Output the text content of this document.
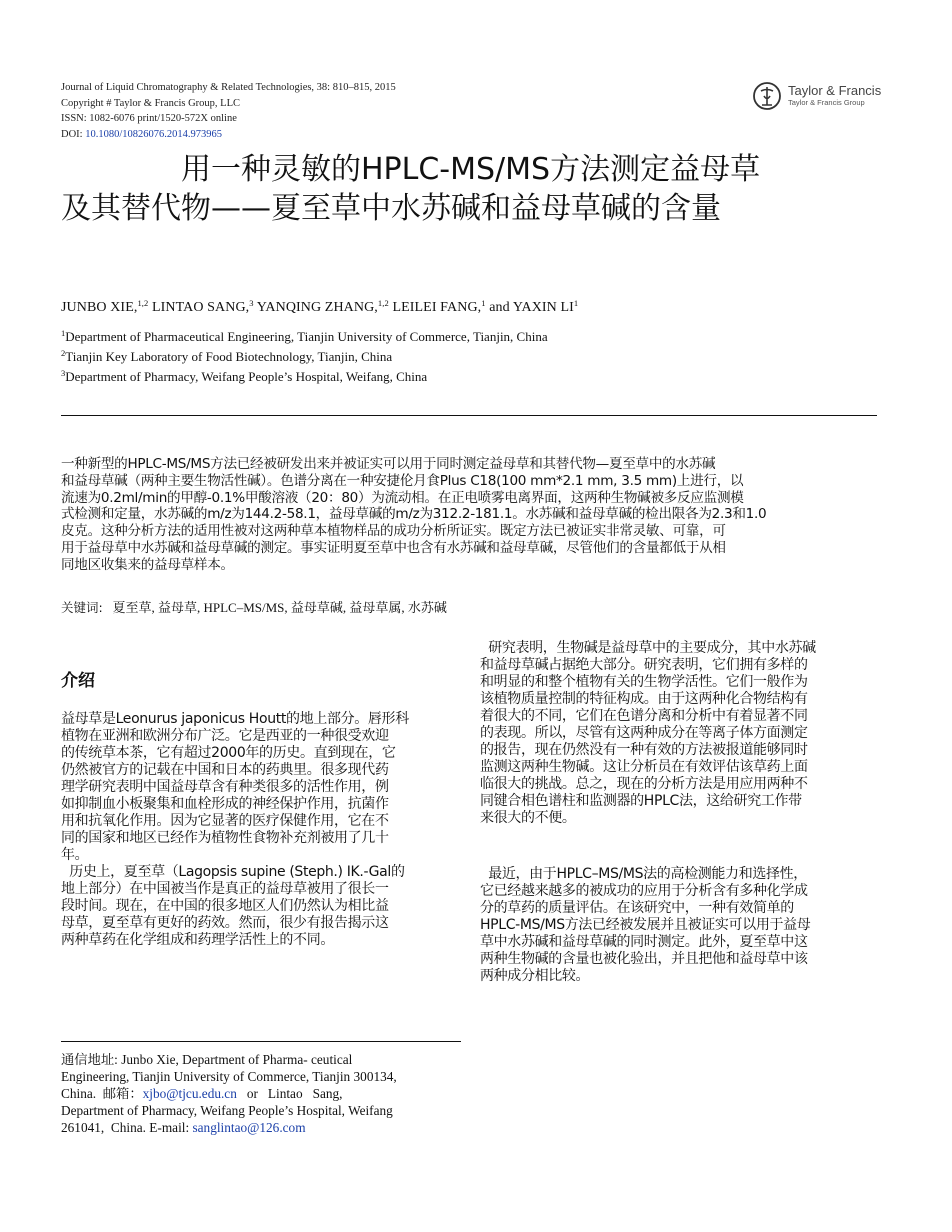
Journal of Liquid Chromatography & Related Technologies, 38: 810–815, 2015
Copyright # Taylor & Francis Group, LLC
ISSN: 1082-6076 print/1520-572X online
DOI: 10.1080/10826076.2014.973965
Taylor & Francis
Taylor & Francis Group
用一种灵敏的HPLC-MS/MS方法测定益母草
及其替代物——夏至草中水苏碱和益母草碱的含量
JUNBO XIE,$^{1,2}$ LINTAO SANG,$^3$ YANQING ZHANG,$^{1,2}$ LEILEI FANG,$^1$ and YAXIN $LI^1$
$^1$Department of Pharmaceutical Engineering, Tianjin University of Commerce, Tianjin, China
$^2$Tianjin Key Laboratory of Food Biotechnology, Tianjin, China
$^3$Department of Pharmacy, Weifang People’s Hospital, Weifang, China
一种新型的HPLC-MS/MS方法已经被研发出来并被证实可以用于同时测定益母草和其替代物—夏至草中的水苏碱
和益母草碱（两种主要生物活性碱）。色谱分离在一种安捷伦月食Plus C18(100 mm*2.1 mm, 3.5 mm)上进行，以
流速为0.2ml/min的甲醇-0.1%甲酸溶液（20：80）为流动相。在正电喷雾电离界面，这两种生物碱被多反应监测模
式检测和定量，水苏碱的m/z为144.2-58.1，益母草碱的m/z为312.2-181.1。水苏碱和益母草碱的检出限各为2.3和1.0
皮克。这种分析方法的适用性被对这两种草本植物样品的成功分析所证实。既定方法已被证实非常灵敏、可靠，可
用于益母草中水苏碱和益母草碱的测定。事实证明夏至草中也含有水苏碱和益母草碱，尽管他们的含量都低于从相
同地区收集来的益母草样本。
关键词: 夏至草, 益母草, HPLC–MS/MS, 益母草碱, 益母草属, 水苏碱
介绍
益母草是Leonurus japonicus Houtt的地上部分。唇形科
植物在亚洲和欧洲分布广泛。它是西亚的一种很受欢迎
的传统草本茶，它有超过2000年的历史。直到现在，它
仍然被官方的记载在中国和日本的药典里。很多现代药
理学研究表明中国益母草含有种类很多的活性作用，例
如抑制血小板聚集和血栓形成的神经保护作用，抗菌作
用和抗氧化作用。因为它显著的医疗保健作用，它在不
同的国家和地区已经作为植物性食物补充剂被用了几十
年。
历史上，夏至草（Lagopsis supine (Steph.) IK.-Gal的
地上部分）在中国被当作是真正的益母草被用了很长一
段时间。现在，在中国的很多地区人们仍然认为相比益
母草，夏至草有更好的药效。然而，很少有报告揭示这
两种草药在化学组成和药理学活性上的不同。
研究表明，生物碱是益母草中的主要成分，其中水苏碱
和益母草碱占据绝大部分。研究表明，它们拥有多样的
和明显的和整个植物有关的生物学活性。它们一般作为
该植物质量控制的特征构成。由于这两种化合物结构有
着很大的不同，它们在色谱分离和分析中有着显著不同
的表现。所以，尽管有这两种成分在等离子体方面测定
的报告，现在仍然没有一种有效的方法被报道能够同时
监测这两种生物碱。这让分析员在有效评估该草药上面
临很大的挑战。总之，现在的分析方法是用应用两种不
同键合相色谱柱和监测器的HPLC法，这给研究工作带
来很大的不便。
最近，由于HPLC–MS/MS法的高检测能力和选择性，
它已经越来越多的被成功的应用于分析含有多种化学成
分的草药的质量评估。在该研究中，一种有效简单的
HPLC-MS/MS方法已经被发展并且被证实可以用于益母
草中水苏碱和益母草碱的同时测定。此外，夏至草中这
两种生物碱的含量也被化验出，并且把他和益母草中该
两种成分相比较。
通信地址: Junbo Xie, Department of Pharma- ceutical
Engineering, Tianjin University of Commerce, Tianjin 300134,
China.  邮箱：xjbo@tjcu.edu.cn   or   Lintao   Sang,
Department of Pharmacy, Weifang People’s Hospital, Weifang
261041,  China. E-mail: sanglintao@126.com
